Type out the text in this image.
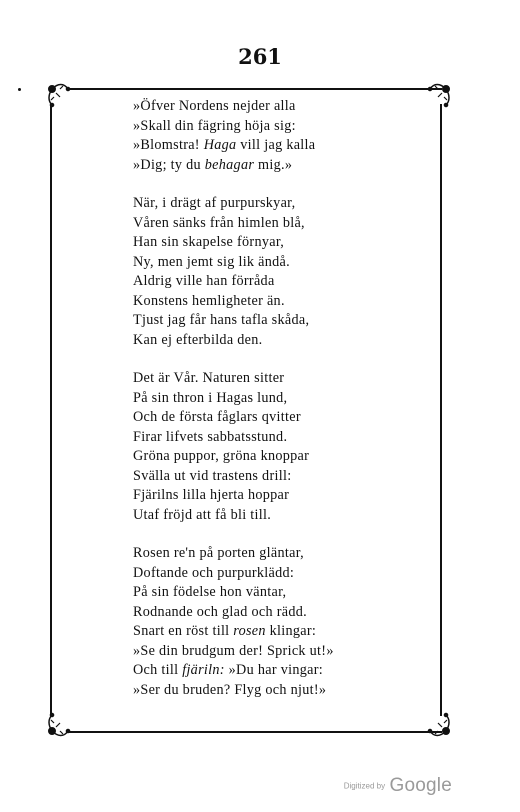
261
»Öfver Nordens nejder alla
»Skall din fägring höja sig:
»Blomstra! Haga vill jag kalla
»Dig; ty du behagar mig.»
När, i drägt af purpurskyar,
Våren sänks från himlen blå,
Han sin skapelse förnyar,
Ny, men jemt sig lik ändå.
Aldrig ville han förråda
Konstens hemligheter än.
Tjust jag får hans tafla skåda,
Kan ej efterbilda den.
Det är Vår. Naturen sitter
På sin thron i Hagas lund,
Och de första fåglars qvitter
Firar lifvets sabbatsstund.
Gröna puppor, gröna knoppar
Svälla ut vid trastens drill:
Fjärilns lilla hjerta hoppar
Utaf fröjd att få bli till.
Rosen re'n på porten gläntar,
Doftande och purpurklädd:
På sin födelse hon väntar,
Rodnande och glad och rädd.
Snart en röst till rosen klingar:
»Se din brudgum der! Sprick ut!»
Och till fjäriln: »Du har vingar:
»Ser du bruden? Flyg och njut!»
Digitized by Google
